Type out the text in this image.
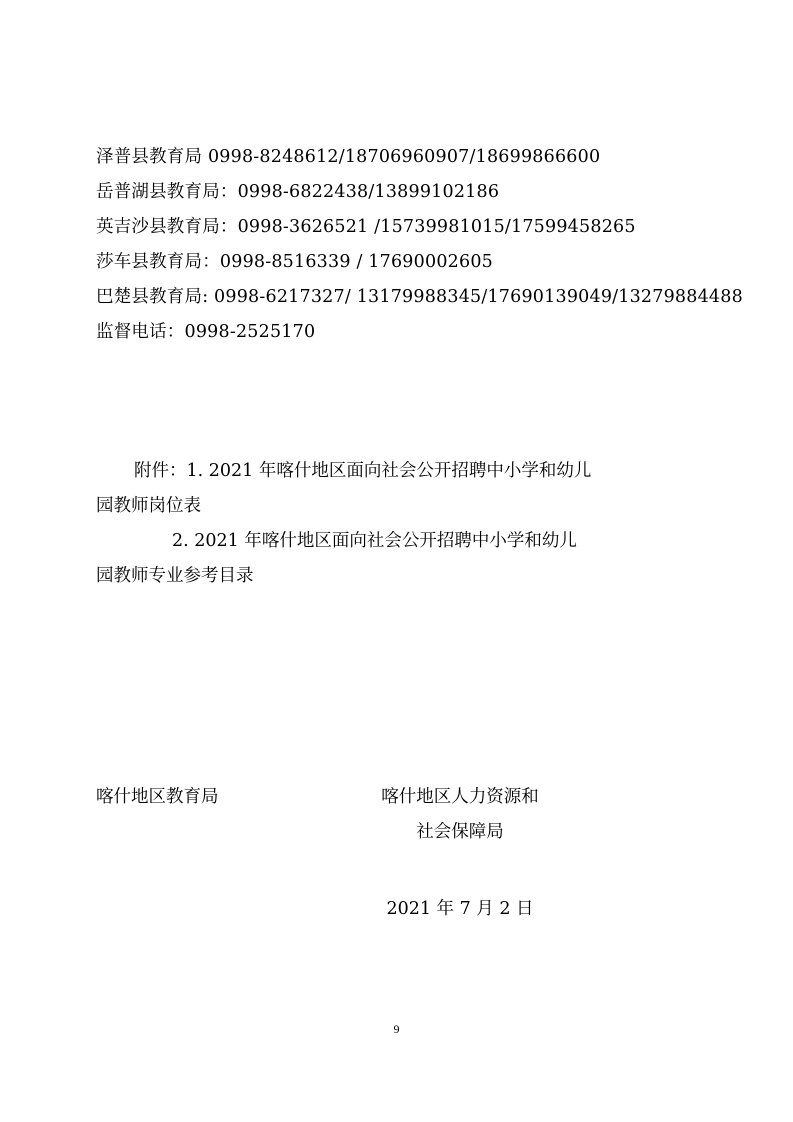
泽普县教育局 0998-8248612/18706960907/18699866600
岳普湖县教育局：0998-6822438/13899102186
英吉沙县教育局：0998-3626521 /15739981015/17599458265
莎车县教育局：0998-8516339 / 17690002605
巴楚县教育局: 0998-6217327/ 13179988345/17690139049/13279884488
监督电话：0998-2525170
附件：1. 2021 年喀什地区面向社会公开招聘中小学和幼儿
园教师岗位表
2. 2021 年喀什地区面向社会公开招聘中小学和幼儿
园教师专业参考目录
喀什地区教育局	喀什地区人力资源和
社会保障局
2021 年 7 月 2 日
9
